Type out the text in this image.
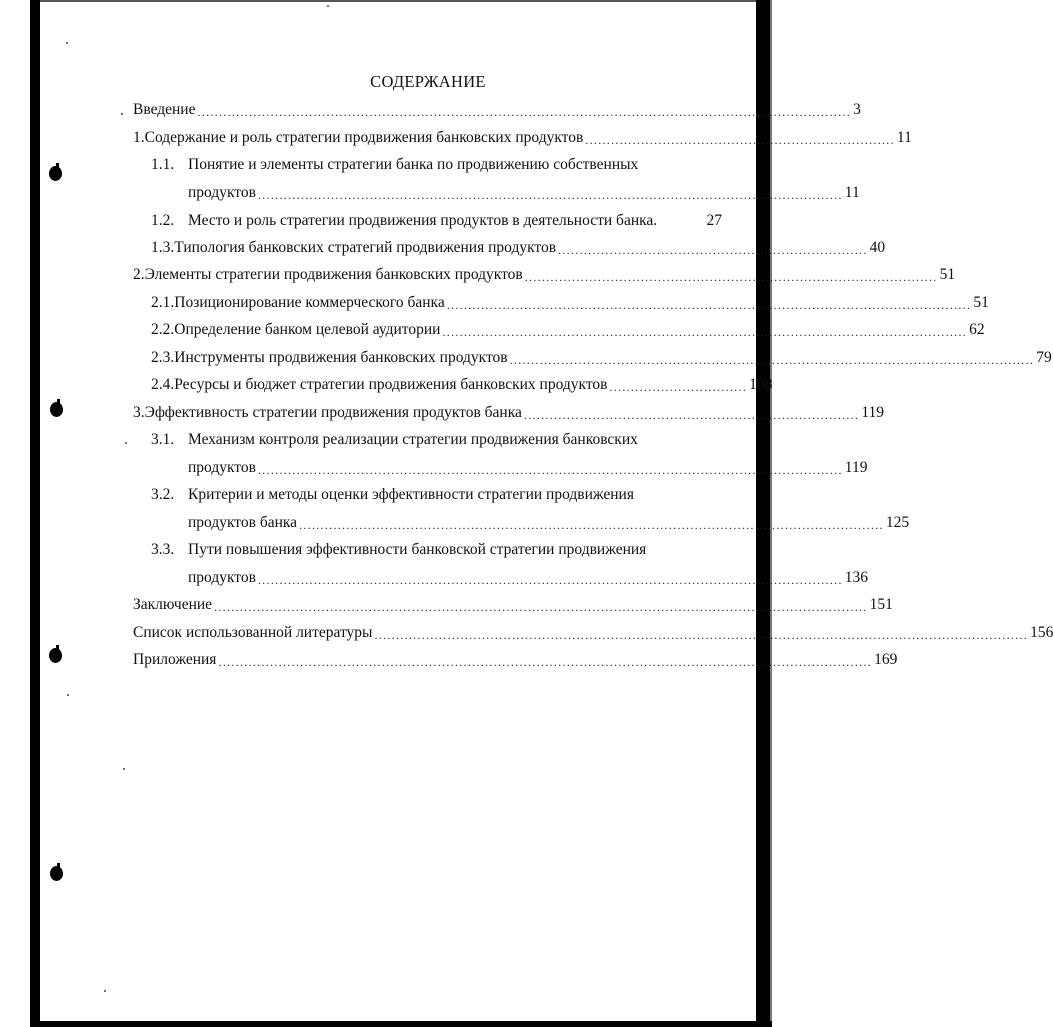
СОДЕРЖАНИЕ
Введение ........................................................................................................................................................ 3
1. Содержание и роль стратегии продвижения банковских продуктов ........................................................................ 11
1.1. Понятие и элементы стратегии банка по продвижению собственных
продуктов ........................................................................................................................................ 11
1.2. Место и роль стратегии продвижения продуктов в деятельности банка.	27
1.3. Типология банковских стратегий продвижения продуктов ........................................................................ 40
2. Элементы стратегии продвижения банковских продуктов ................................................................................................ 51
2.1. Позиционирование коммерческого банка .......................................................................................................................... 51
2.2. Определение банком целевой аудитории .......................................................................................................................... 62
2.3. Инструменты продвижения банковских продуктов .......................................................................................................................... 79
2.4. Ресурсы и бюджет стратегии продвижения банковских продуктов ................................ 108
3. Эффективность стратегии продвижения продуктов банка .............................................................................. 119
3.1. Механизм контроля реализации стратегии продвижения банковских
продуктов ........................................................................................................................................ 119
3.2. Критерии и методы оценки эффективности стратегии продвижения
продуктов банка ........................................................................................................................................ 125
3.3. Пути повышения эффективности банковской стратегии продвижения
продуктов ........................................................................................................................................ 136
Заключение ........................................................................................................................................................ 151
Список использованной литературы ........................................................................................................................................................ 156
Приложения ........................................................................................................................................................ 169
